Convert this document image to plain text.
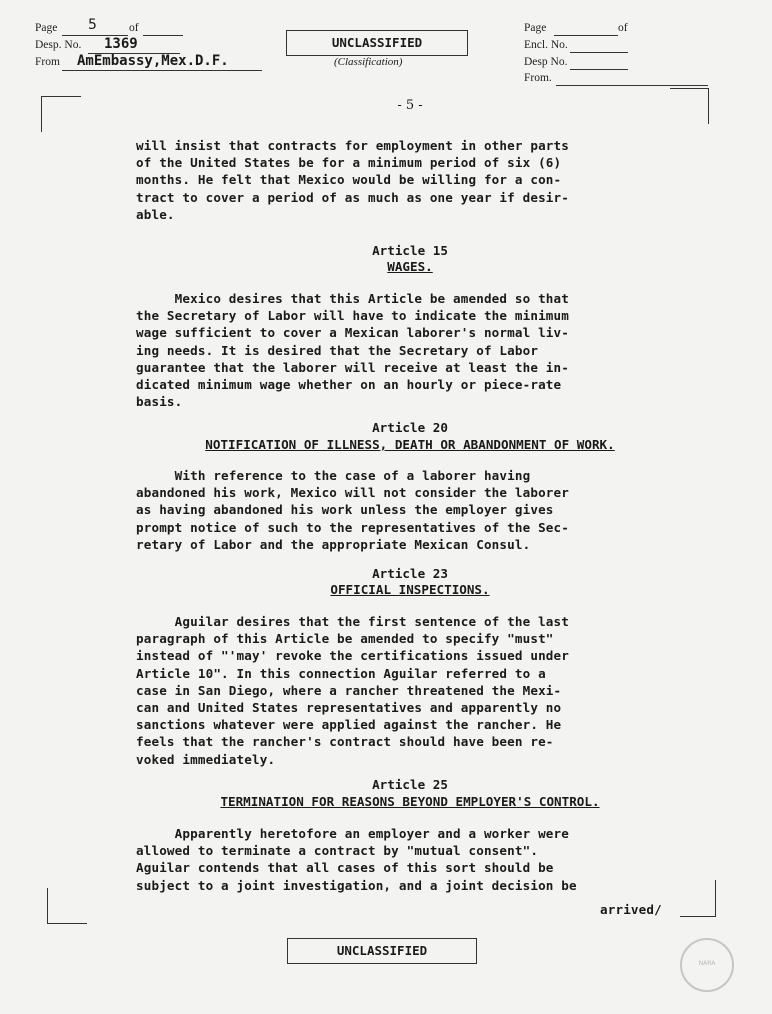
Page 5	of
Desp. No. 1369
From AmEmbassy,Mex.D.F.
UNCLASSIFIED
(Classification)
Page	of
Encl. No.
Desp No.
From.
- 5 -
will insist that contracts for employment in other parts
of the United States be for a minimum period of six (6)
months. He felt that Mexico would be willing for a con-
tract to cover a period of as much as one year if desir-
able.
Article 15
WAGES.
Mexico desires that this Article be amended so that
the Secretary of Labor will have to indicate the minimum
wage sufficient to cover a Mexican laborer's normal liv-
ing needs. It is desired that the Secretary of Labor
guarantee that the laborer will receive at least the in-
dicated minimum wage whether on an hourly or piece-rate
basis.
Article 20
NOTIFICATION OF ILLNESS, DEATH OR ABANDONMENT OF WORK.
With reference to the case of a laborer having
abandoned his work, Mexico will not consider the laborer
as having abandoned his work unless the employer gives
prompt notice of such to the representatives of the Sec-
retary of Labor and the appropriate Mexican Consul.
Article 23
OFFICIAL INSPECTIONS.
Aguilar desires that the first sentence of the last
paragraph of this Article be amended to specify "must"
instead of "'may' revoke the certifications issued under
Article 10". In this connection Aguilar referred to a
case in San Diego, where a rancher threatened the Mexi-
can and United States representatives and apparently no
sanctions whatever were applied against the rancher. He
feels that the rancher's contract should have been re-
voked immediately.
Article 25
TERMINATION FOR REASONS BEYOND EMPLOYER'S CONTROL.
Apparently heretofore an employer and a worker were
allowed to terminate a contract by "mutual consent".
Aguilar contends that all cases of this sort should be
subject to a joint investigation, and a joint decision be
arrived/
UNCLASSIFIED
NARA
